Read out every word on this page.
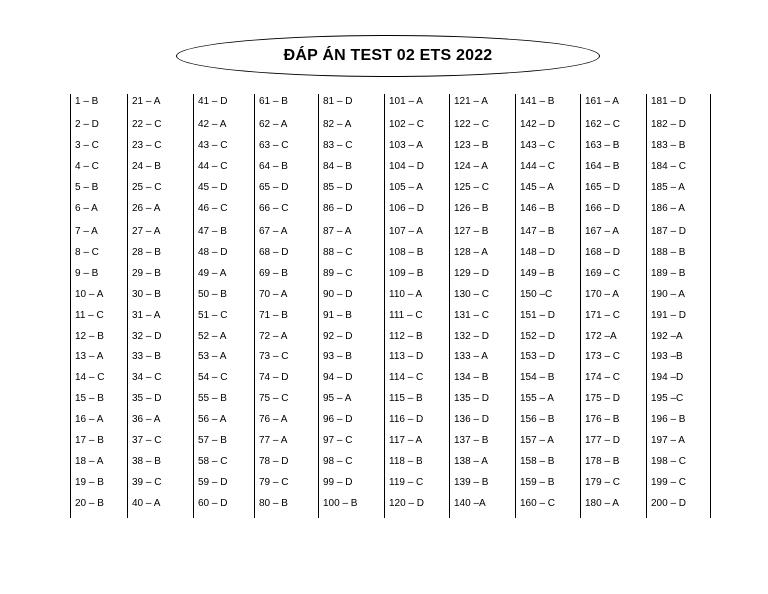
ĐÁP ÁN TEST 02 ETS 2022
1 – B
2 – D
3 – C
4 – C
5 – B
6 – A
7 – A
8 – C
9 – B
10 – A
11 – C
12 – B
13 – A
14 – C
15 – B
16 – A
17 – B
18 – A
19 – B
20 – B
21 – A
22 – C
23 – C
24 – B
25 – C
26 – A
27 – A
28 – B
29 – B
30 – B
31 – A
32 – D
33 – B
34 – C
35 – D
36 – A
37 – C
38 – B
39 – C
40 – A
41 – D
42 – A
43 – C
44 – C
45 – D
46 – C
47 – B
48 – D
49 – A
50 – B
51 – C
52 – A
53 – A
54 – C
55 – B
56 – A
57 – B
58 – C
59 – D
60 – D
61 – B
62 – A
63 – C
64 – B
65 – D
66 – C
67 – A
68 – D
69 – B
70 – A
71 – B
72 – A
73 – C
74 – D
75 – C
76 – A
77 – A
78 – D
79 – C
80 – B
81 – D
82 – A
83 – C
84 – B
85 – D
86 – D
87 – A
88 – C
89 – C
90 – D
91 – B
92 – D
93 – B
94 – D
95 – A
96 – D
97 – C
98 – C
99 – D
100 – B
101 – A
102 – C
103 – A
104 – D
105 – A
106 – D
107 – A
108 – B
109 – B
110 – A
111 – C
112 – B
113 – D
114 – C
115 – B
116 – D
117 – A
118 – B
119 – C
120 – D
121 – A
122 – C
123 – B
124 – A
125 – C
126 – B
127 – B
128 – A
129 – D
130 – C
131 – C
132 – D
133 – A
134 – B
135 – D
136 – D
137 – B
138 – A
139 – B
140 –A
141 – B
142 – D
143 – C
144 – C
145 – A
146 – B
147 – B
148 – D
149 – B
150 –C
151 – D
152 – D
153 – D
154 – B
155 – A
156 – B
157 – A
158 – B
159 – B
160 – C
161 – A
162 – C
163 – B
164 – B
165 – D
166 – D
167 – A
168 – D
169 – C
170 – A
171 – C
172 –A
173 – C
174 – C
175 – D
176 – B
177 – D
178 – B
179 – C
180 – A
181 – D
182 – D
183 – B
184 – C
185 – A
186 – A
187 – D
188 – B
189 – B
190 – A
191 – D
192 –A
193 –B
194 –D
195 –C
196 – B
197 – A
198 – C
199 – C
200 – D
